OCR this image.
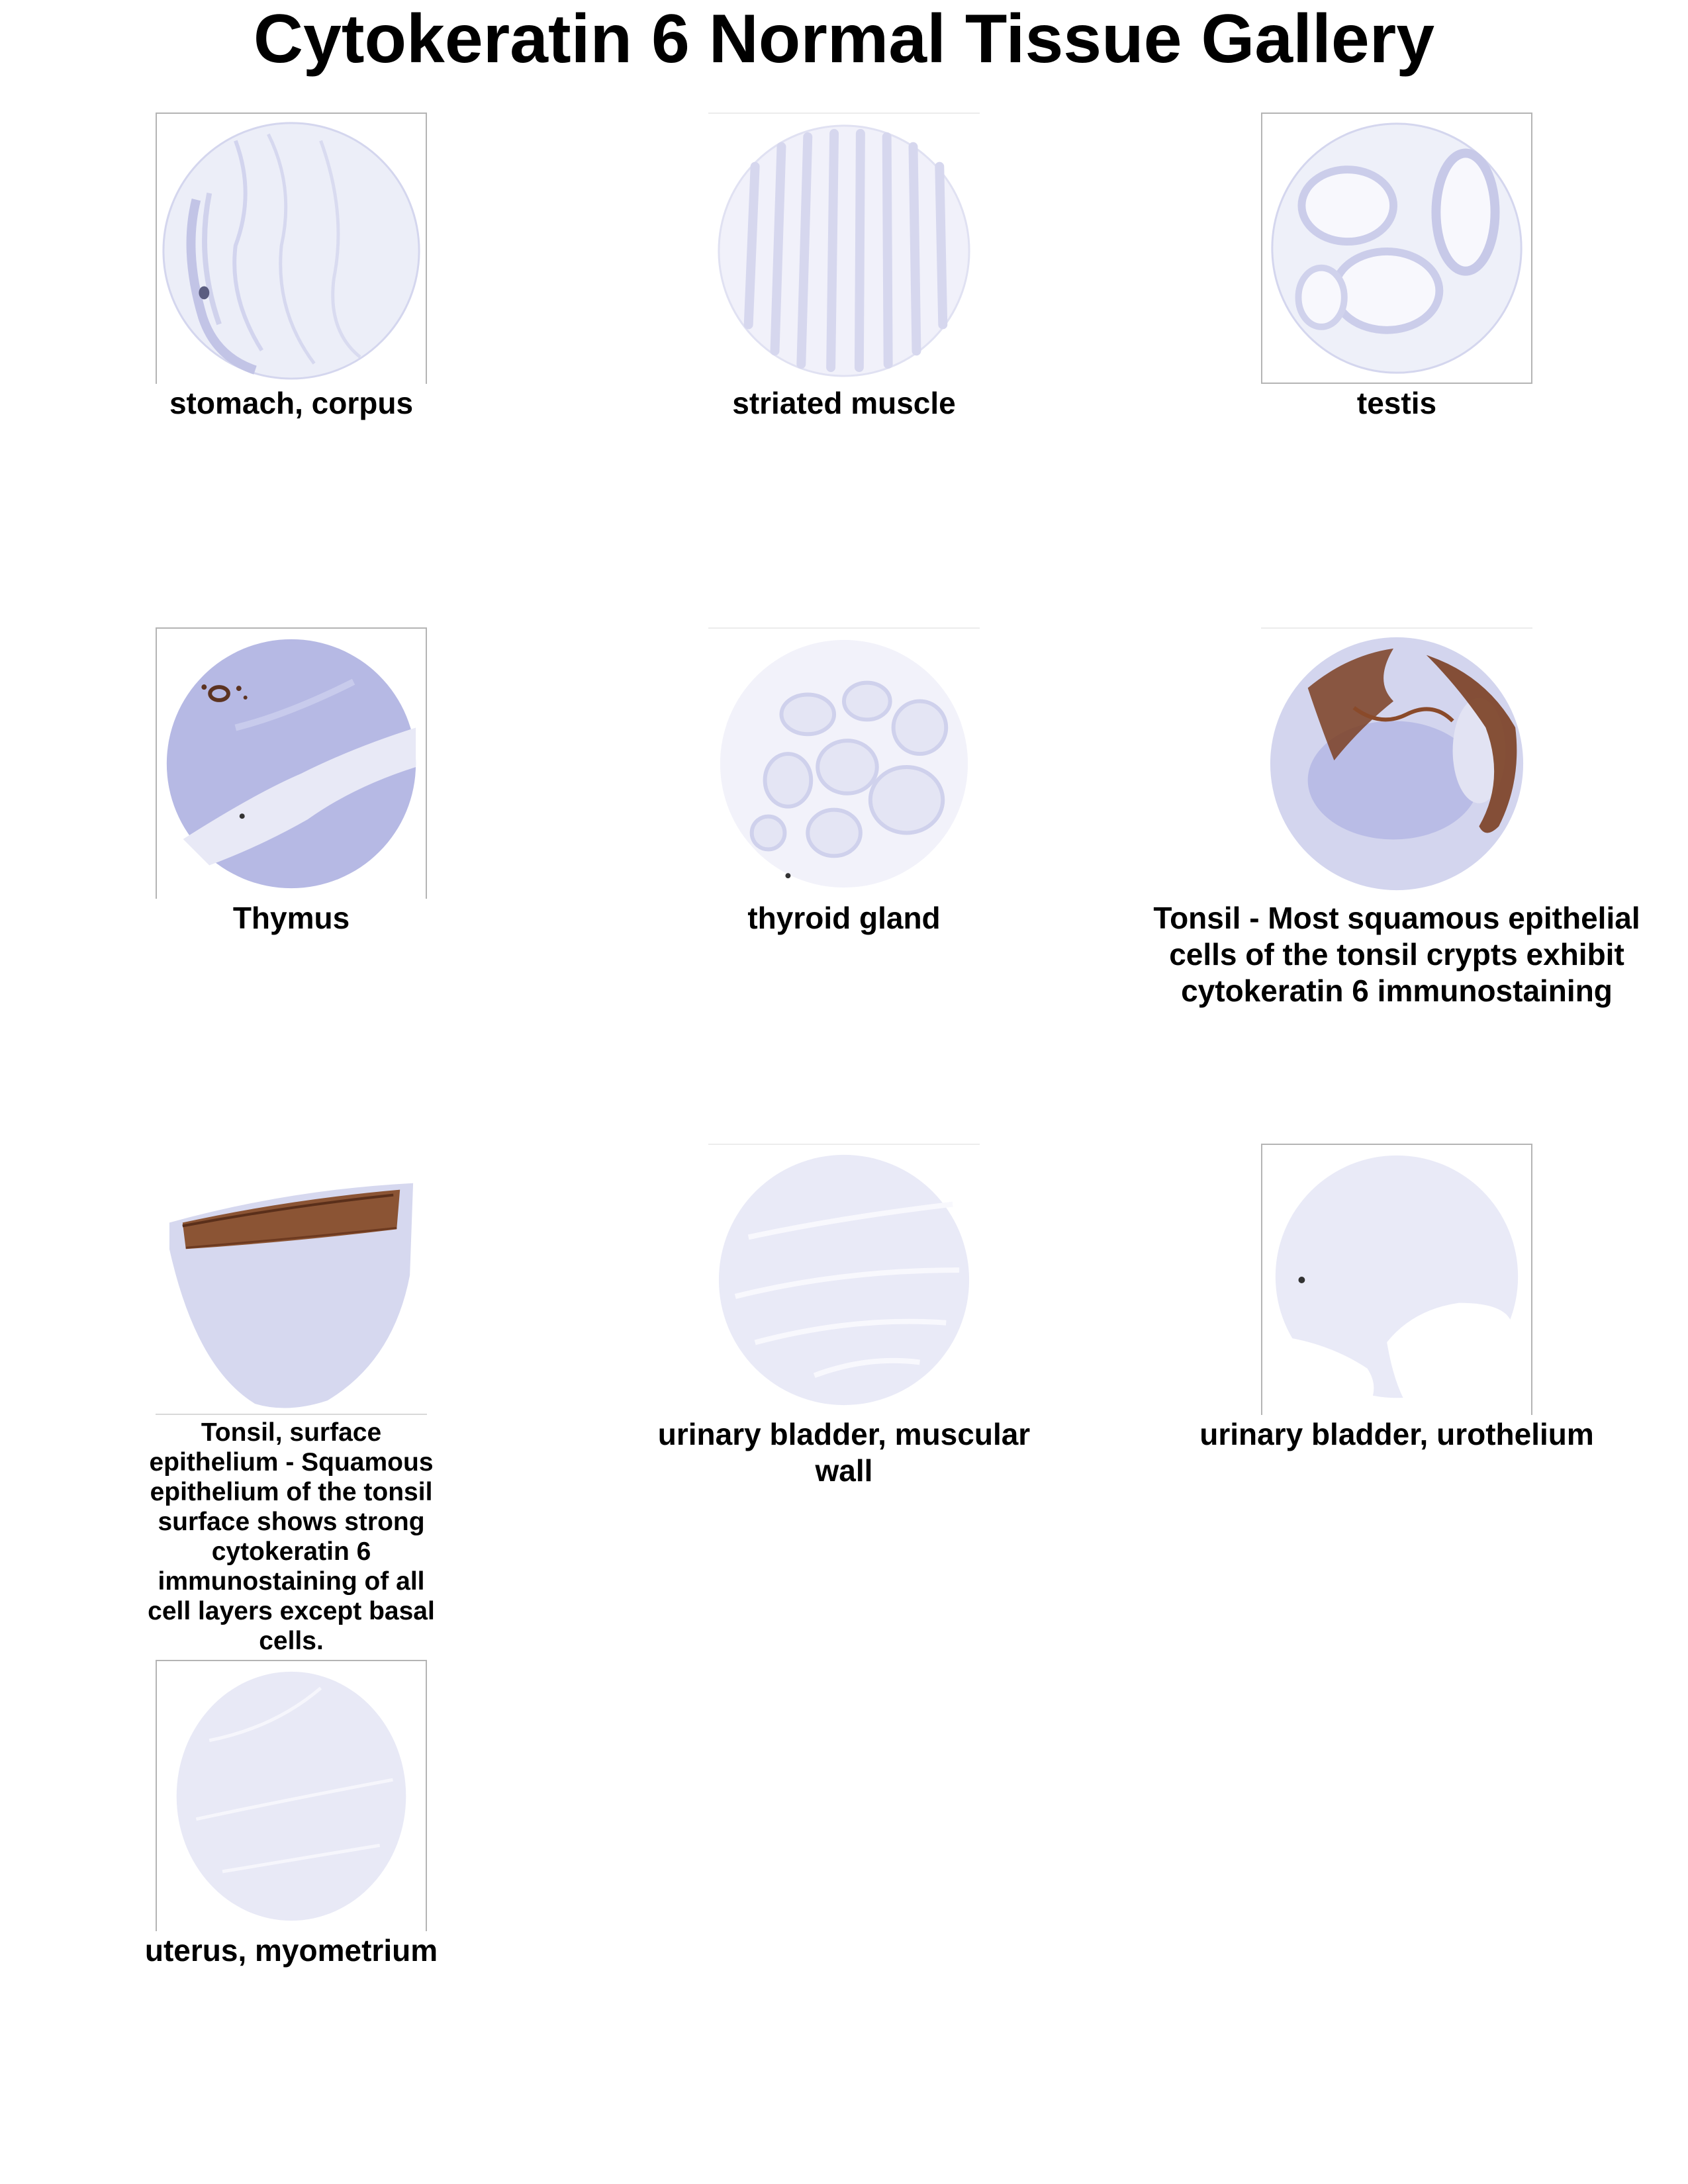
Cytokeratin 6 Normal Tissue Gallery
stomach, corpus	striated muscle	testis
Thymus	thyroid gland	Tonsil - Most squamous epithelial cells of the tonsil crypts exhibit cytokeratin 6 immunostaining
Tonsil, surface epithelium - Squamous epithelium of the tonsil surface shows strong cytokeratin 6 immunostaining of all cell layers except basal cells.
urinary bladder, muscular wall
urinary bladder, urothelium
uterus, myometrium
